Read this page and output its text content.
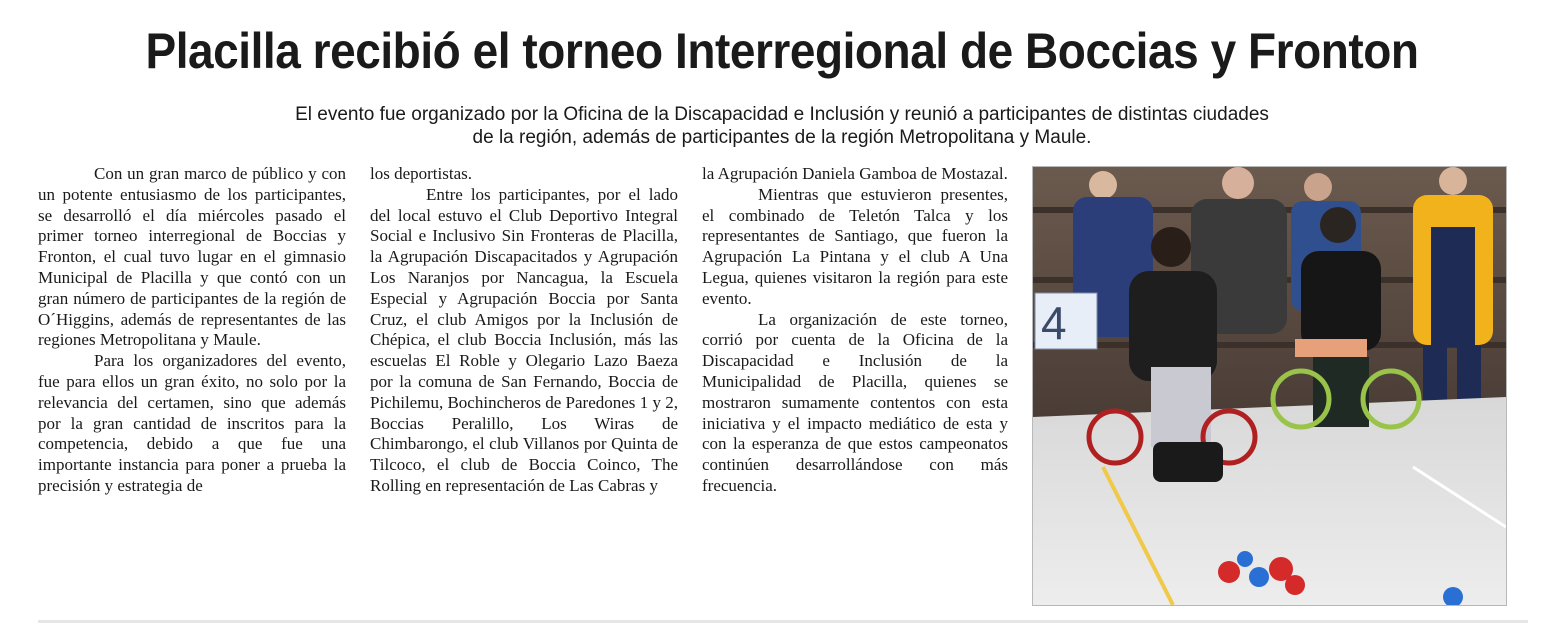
Placilla recibió el torneo Interregional de Boccias y Fronton
El evento fue organizado por la Oficina de la Discapacidad e Inclusión y reunió a participantes de distintas ciudades
de la región, además de participantes de la región Metropolitana y Maule.

Con un gran marco de público y con un potente entusiasmo de los participantes, se desarrolló el día miércoles pasado el primer torneo interregional de Boccias y Fronton, el cual tuvo lugar en el gimnasio Municipal de Placilla y que contó con un gran número de participantes de la región de O´Higgins, además de representantes de las regiones Metropolitana y Maule.

Para los organizadores del evento, fue para ellos un gran éxito, no solo por la relevancia del certamen, sino que además por la gran cantidad de inscritos para la competencia, debido a que fue una importante instancia para poner a prueba la precisión y estrategia de

los deportistas.

Entre los participantes, por el lado del local estuvo el Club Deportivo Integral Social e Inclusivo Sin Fronteras de Placilla, la Agrupación Discapacitados y Agrupación Los Naranjos por Nancagua, la Escuela Especial y Agrupación Boccia por Santa Cruz, el club Amigos por la Inclusión de Chépica, el club Boccia Inclusión, más las escuelas El Roble y Olegario Lazo Baeza por la comuna de San Fernando, Boccia de Pichilemu, Bochincheros de Paredones 1 y 2, Boccias Peralillo, Los Wiras de Chimbarongo, el club Villanos por Quinta de Tilcoco, el club de Boccia Coinco, The Rolling en representación de Las Cabras y

la Agrupación Daniela Gamboa de Mostazal.

Mientras que estuvieron presentes, el combinado de Teletón Talca y los representantes de Santiago, que fueron la Agrupación La Pintana y el club A Una Legua, quienes visitaron la región para este evento.

La organización de este torneo, corrió por cuenta de la Oficina de la Discapacidad e Inclusión de la Municipalidad de Placilla, quienes se mostraron sumamente contentos con esta iniciativa y el impacto mediático de esta y con la esperanza de que estos campeonatos continúen desarrollándose con más frecuencia.

4
